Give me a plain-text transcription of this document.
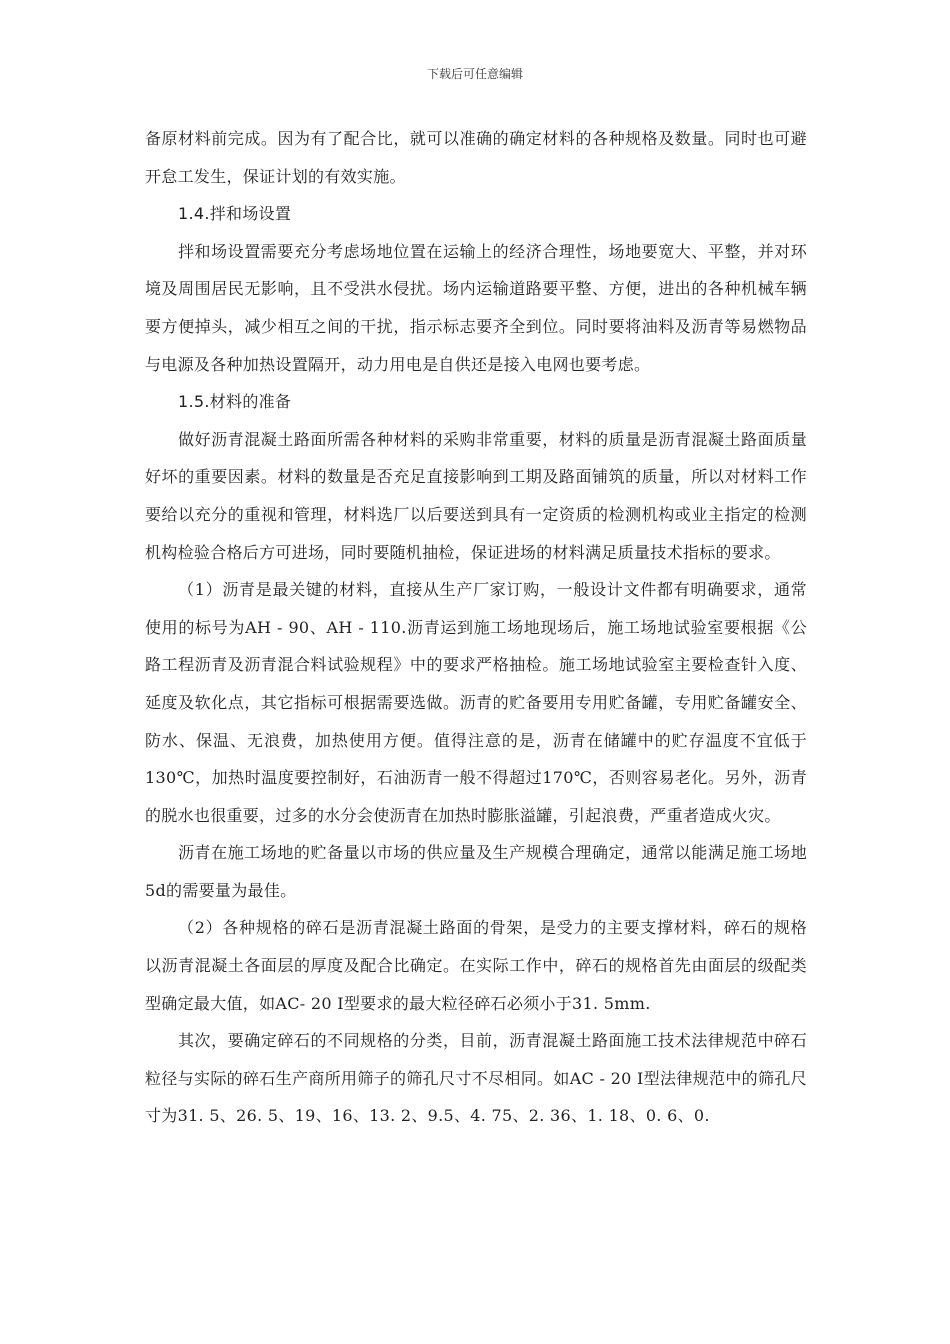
下载后可任意编辑

备原材料前完成。因为有了配合比，就可以准确的确定材料的各种规格及数量。同时也可避开怠工发生，保证计划的有效实施。

1.4.拌和场设置

拌和场设置需要充分考虑场地位置在运输上的经济合理性，场地要宽大、平整，并对环境及周围居民无影响，且不受洪水侵扰。场内运输道路要平整、方便，进出的各种机械车辆要方便掉头，减少相互之间的干扰，指示标志要齐全到位。同时要将油料及沥青等易燃物品与电源及各种加热设置隔开，动力用电是自供还是接入电网也要考虑。

1.5.材料的准备

做好沥青混凝土路面所需各种材料的采购非常重要，材料的质量是沥青混凝土路面质量好坏的重要因素。材料的数量是否充足直接影响到工期及路面铺筑的质量，所以对材料工作要给以充分的重视和管理，材料选厂以后要送到具有一定资质的检测机构或业主指定的检测机构检验合格后方可进场，同时要随机抽检，保证进场的材料满足质量技术指标的要求。

（1）沥青是最关键的材料，直接从生产厂家订购，一般设计文件都有明确要求，通常使用的标号为AH - 90、AH - 110.沥青运到施工场地现场后，施工场地试验室要根据《公路工程沥青及沥青混合料试验规程》中的要求严格抽检。施工场地试验室主要检查针入度、延度及软化点，其它指标可根据需要选做。沥青的贮备要用专用贮备罐，专用贮备罐安全、防水、保温、无浪费，加热使用方便。值得注意的是，沥青在储罐中的贮存温度不宜低于130℃，加热时温度要控制好，石油沥青一般不得超过170℃，否则容易老化。另外，沥青的脱水也很重要，过多的水分会使沥青在加热时膨胀溢罐，引起浪费，严重者造成火灾。

沥青在施工场地的贮备量以市场的供应量及生产规模合理确定，通常以能满足施工场地5d的需要量为最佳。

（2）各种规格的碎石是沥青混凝土路面的骨架，是受力的主要支撑材料，碎石的规格以沥青混凝土各面层的厚度及配合比确定。在实际工作中，碎石的规格首先由面层的级配类型确定最大值，如AC- 20 I型要求的最大粒径碎石必须小于31. 5mm.

其次，要确定碎石的不同规格的分类，目前，沥青混凝土路面施工技术法律规范中碎石粒径与实际的碎石生产商所用筛子的筛孔尺寸不尽相同。如AC - 20 I型法律规范中的筛孔尺寸为31. 5、26. 5、19、16、13. 2、9.5、4. 75、2. 36、1. 18、0. 6、0.
